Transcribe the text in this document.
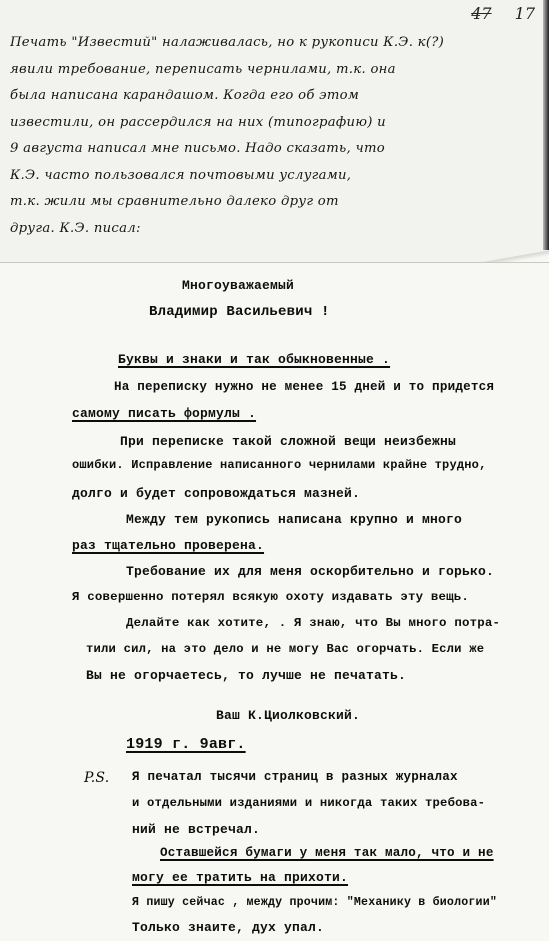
47 17
Печать "Известий" налаживалась, но к рукописи К.Э. к(?)
явили требование, переписать чернилами, т.к. она
была написана карандашом. Когда его об этом
известили, он рассердился на них (типографию) и
9 августа написал мне письмо. Надо сказать, что
К.Э. часто пользовался почтовыми услугами,
т.к. жили мы сравнительно далеко друг от
друга. К.Э. писал:
Многоуважаемый
Владимир Васильевич !
Буквы и знаки и так обыкновенные .
На переписку нужно не менее 15 дней и то придется
самому писать формулы .
При переписке такой сложной вещи неизбежны
ошибки. Исправление написанного чернилами крайне трудно,
долго и будет сопровождаться мазней.
Между тем рукопись написана крупно и много
раз тщательно проверена.
Требование их для меня оскорбительно и горько.
Я совершенно потерял всякую охоту издавать эту вещь.
Делайте как хотите, . Я знаю, что Вы много потра-
тили сил, на это дело и не могу Вас огорчать. Если же
Вы не огорчаетесь, то лучше не печатать.
Ваш К.Циолковский.
1919 г. 9авг.
P.S. Я печатал тысячи страниц в разных журналах
и отдельными изданиями и никогда таких требова-
ний не встречал.
Оставшейся бумаги у меня так мало, что и не
могу ее тратить на прихоти.
Я пишу сейчас , между прочим: "Механику в биологии"
Только знаите, дух упал.
